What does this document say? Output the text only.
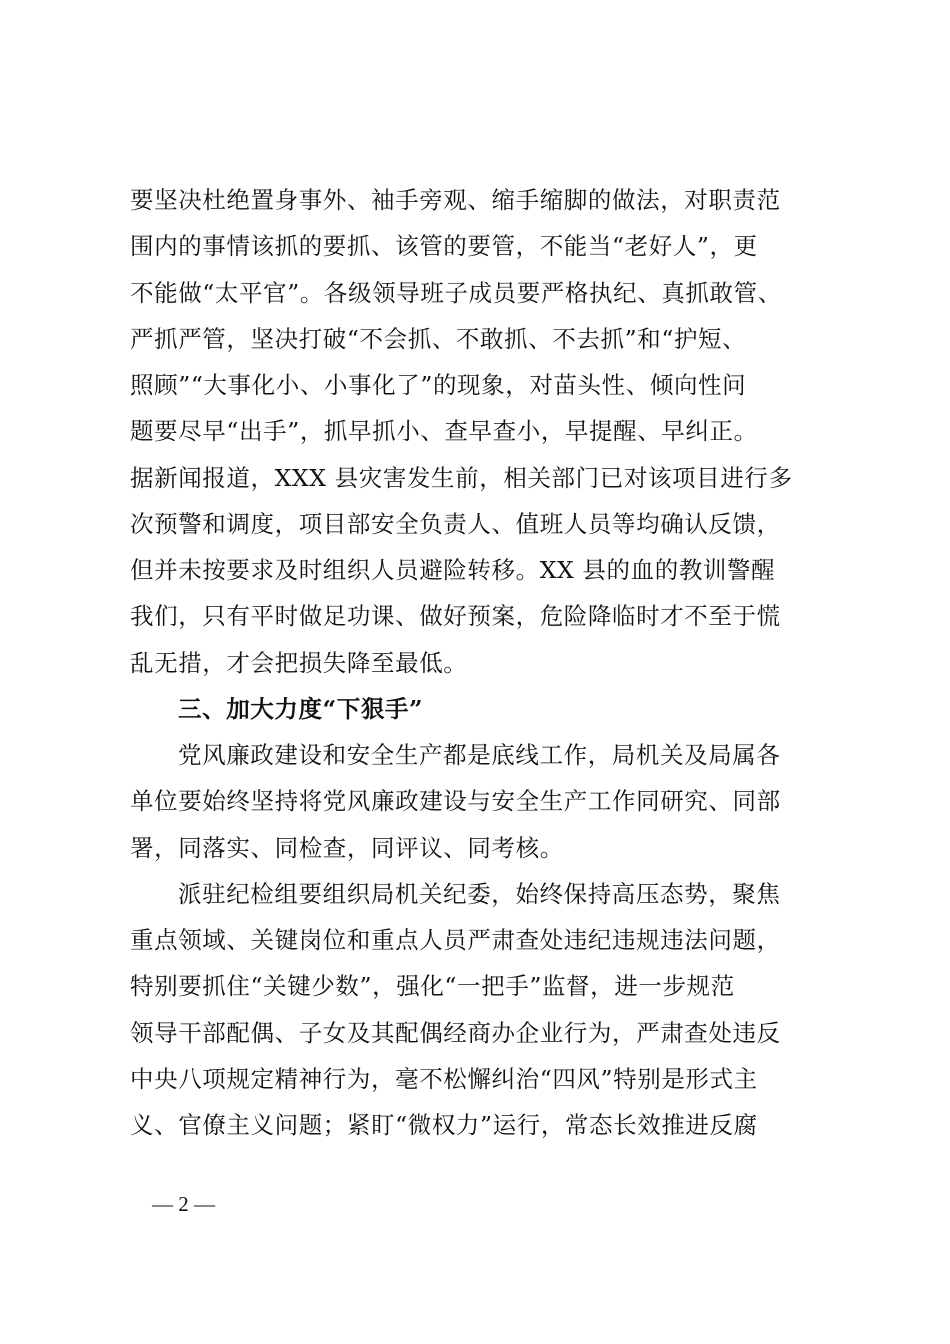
要坚决杜绝置身事外、袖手旁观、缩手缩脚的做法，对职责范
围内的事情该抓的要抓、该管的要管，不能当“老好人”，更
不能做“太平官”。各级领导班子成员要严格执纪、真抓敢管、
严抓严管，坚决打破“不会抓、不敢抓、不去抓”和“护短、
照顾”“大事化小、小事化了”的现象，对苗头性、倾向性问
题要尽早“出手”，抓早抓小、查早查小，早提醒、早纠正。
据新闻报道，XXX 县灾害发生前，相关部门已对该项目进行多
次预警和调度，项目部安全负责人、值班人员等均确认反馈，
但并未按要求及时组织人员避险转移。XX 县的血的教训警醒
我们，只有平时做足功课、做好预案，危险降临时才不至于慌
乱无措，才会把损失降至最低。
三、加大力度“下狠手”
党风廉政建设和安全生产都是底线工作，局机关及局属各
单位要始终坚持将党风廉政建设与安全生产工作同研究、同部
署，同落实、同检查，同评议、同考核。
派驻纪检组要组织局机关纪委，始终保持高压态势，聚焦
重点领域、关键岗位和重点人员严肃查处违纪违规违法问题，
特别要抓住“关键少数”，强化“一把手”监督，进一步规范
领导干部配偶、子女及其配偶经商办企业行为，严肃查处违反
中央八项规定精神行为，毫不松懈纠治“四风”特别是形式主
义、官僚主义问题；紧盯“微权力”运行，常态长效推进反腐
— 2 —
